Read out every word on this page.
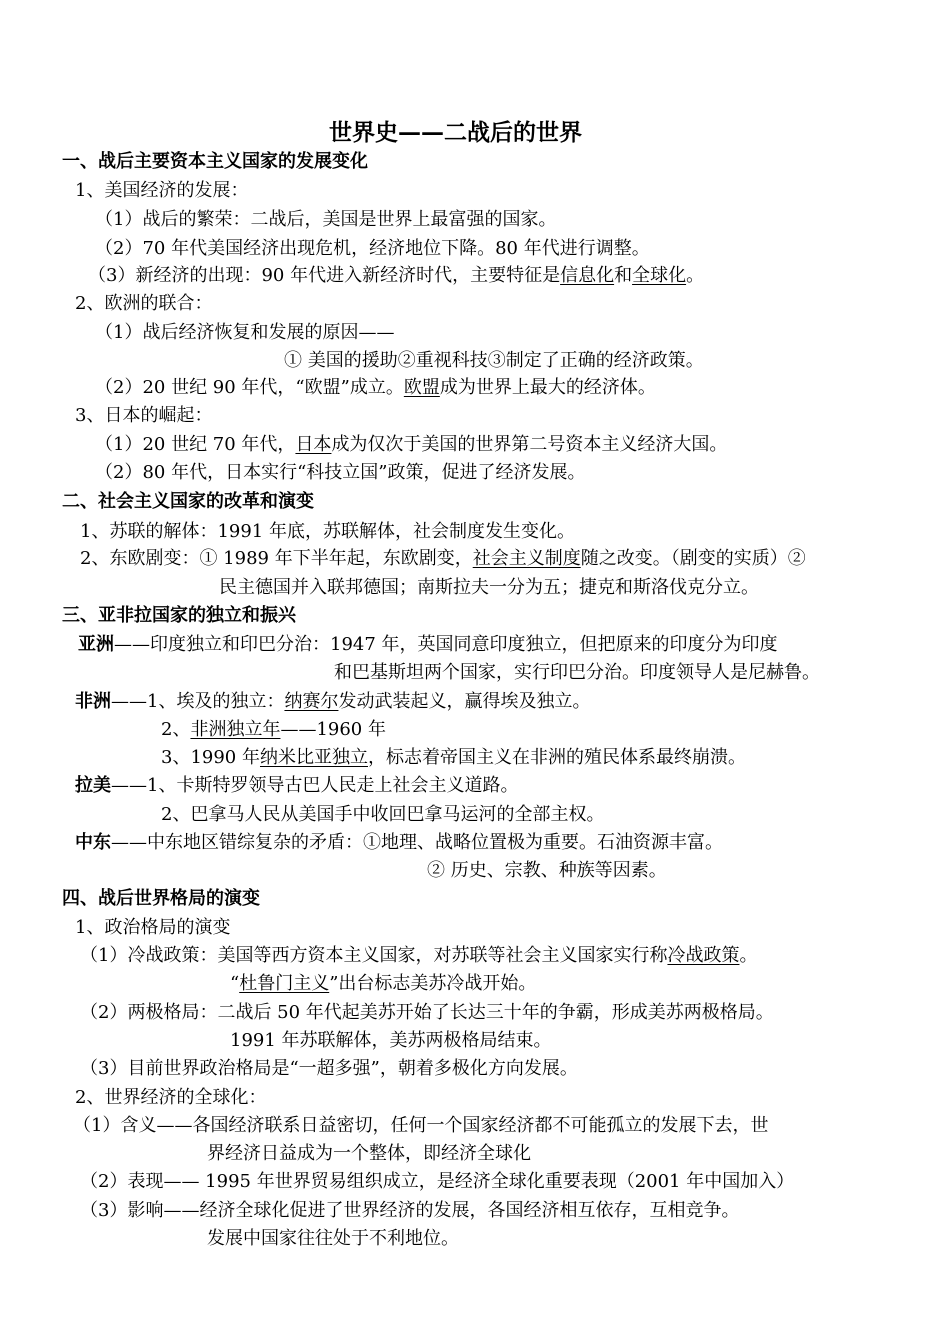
世界史——二战后的世界
一、战后主要资本主义国家的发展变化
1、美国经济的发展：
（1）战后的繁荣：二战后，美国是世界上最富强的国家。
（2）70 年代美国经济出现危机，经济地位下降。80 年代进行调整。
（3）新经济的出现：90 年代进入新经济时代，主要特征是信息化和全球化。
2、欧洲的联合：
（1）战后经济恢复和发展的原因——
① 美国的援助②重视科技③制定了正确的经济政策。
（2）20 世纪 90 年代，“欧盟”成立。欧盟成为世界上最大的经济体。
3、日本的崛起：
（1）20 世纪 70 年代，日本成为仅次于美国的世界第二号资本主义经济大国。
（2）80 年代，日本实行“科技立国”政策，促进了经济发展。
二、社会主义国家的改革和演变
1、苏联的解体：1991 年底，苏联解体，社会制度发生变化。
2、东欧剧变：① 1989 年下半年起，东欧剧变，社会主义制度随之改变。（剧变的实质）②
民主德国并入联邦德国；南斯拉夫一分为五；捷克和斯洛伐克分立。
三、亚非拉国家的独立和振兴
亚洲——印度独立和印巴分治：1947 年，英国同意印度独立，但把原来的印度分为印度
和巴基斯坦两个国家，实行印巴分治。印度领导人是尼赫鲁。
非洲——1、埃及的独立：纳赛尔发动武装起义，赢得埃及独立。
2、非洲独立年——1960 年
3、1990 年纳米比亚独立，标志着帝国主义在非洲的殖民体系最终崩溃。
拉美——1、卡斯特罗领导古巴人民走上社会主义道路。
2、巴拿马人民从美国手中收回巴拿马运河的全部主权。
中东——中东地区错综复杂的矛盾：①地理、战略位置极为重要。石油资源丰富。
② 历史、宗教、种族等因素。
四、战后世界格局的演变
1、政治格局的演变
（1）冷战政策：美国等西方资本主义国家，对苏联等社会主义国家实行称冷战政策。
“杜鲁门主义”出台标志美苏冷战开始。
（2）两极格局：二战后 50 年代起美苏开始了长达三十年的争霸，形成美苏两极格局。
1991 年苏联解体，美苏两极格局结束。
（3）目前世界政治格局是“一超多强”，朝着多极化方向发展。
2、世界经济的全球化：
（1）含义——各国经济联系日益密切，任何一个国家经济都不可能孤立的发展下去，世
界经济日益成为一个整体，即经济全球化
（2）表现—— 1995 年世界贸易组织成立，是经济全球化重要表现（2001 年中国加入）
（3）影响——经济全球化促进了世界经济的发展，各国经济相互依存，互相竞争。
发展中国家往往处于不利地位。
